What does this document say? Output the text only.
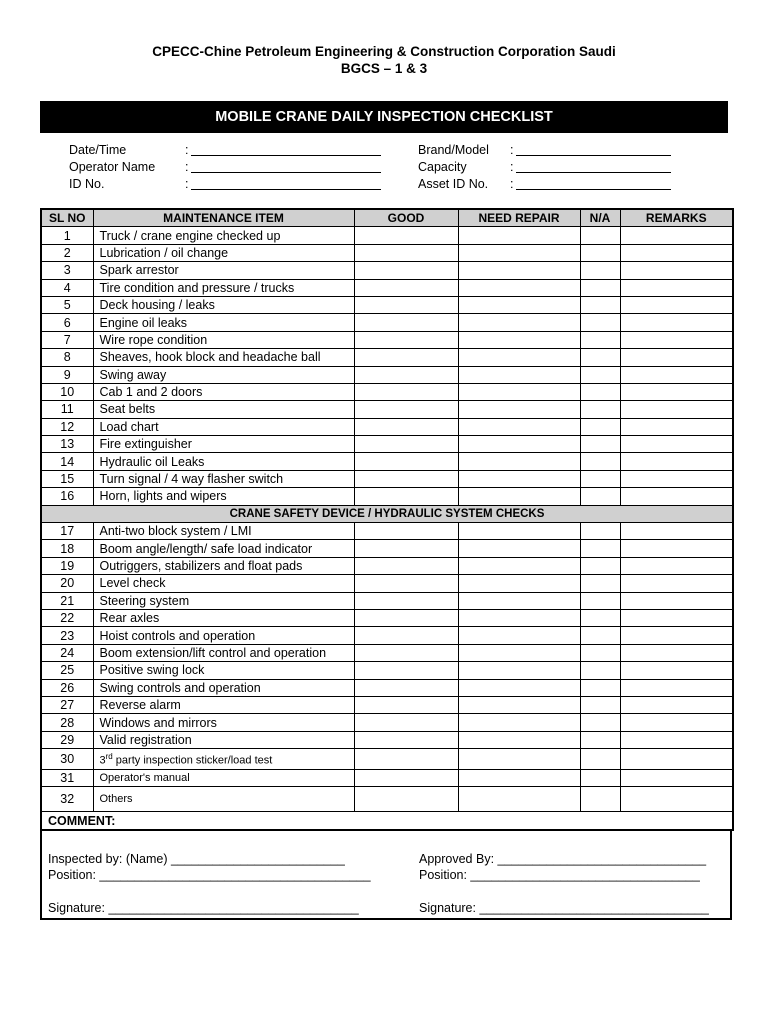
CPECC-Chine Petroleum Engineering & Construction Corporation Saudi
BGCS – 1 & 3
MOBILE CRANE DAILY INSPECTION CHECKLIST
Date/Time	:
Operator Name	:
ID No.	:
Brand/Model	:
Capacity	:
Asset ID No.	:
SL NO	MAINTENANCE ITEM	GOOD	NEED REPAIR	N/A	REMARKS
1	Truck / crane engine checked up				
2	Lubrication / oil change				
3	Spark arrestor				
4	Tire condition and pressure / trucks				
5	Deck housing / leaks				
6	Engine oil leaks				
7	Wire rope condition				
8	Sheaves, hook block and headache ball				
9	Swing away				
10	Cab 1 and 2 doors				
11	Seat belts				
12	Load chart				
13	Fire extinguisher				
14	Hydraulic oil Leaks				
15	Turn signal / 4 way flasher switch				
16	Horn, lights and wipers				
CRANE SAFETY DEVICE / HYDRAULIC SYSTEM CHECKS					
17	Anti-two block system / LMI				
18	Boom angle/length/ safe load indicator				
19	Outriggers, stabilizers and float pads				
20	Level check				
21	Steering system				
22	Rear axles				
23	Hoist controls and operation				
24	Boom extension/lift control and operation				
25	Positive swing lock				
26	Swing controls and operation				
27	Reverse alarm				
28	Windows and mirrors				
29	Valid registration				
30	3rd party inspection sticker/load test				
31	Operator's manual				
32	Others				
COMMENT:					
Inspected by: (Name) _________________________
Position: _______________________________________
Signature: ____________________________________
Approved By: ______________________________
Position: _________________________________
Signature: _________________________________
